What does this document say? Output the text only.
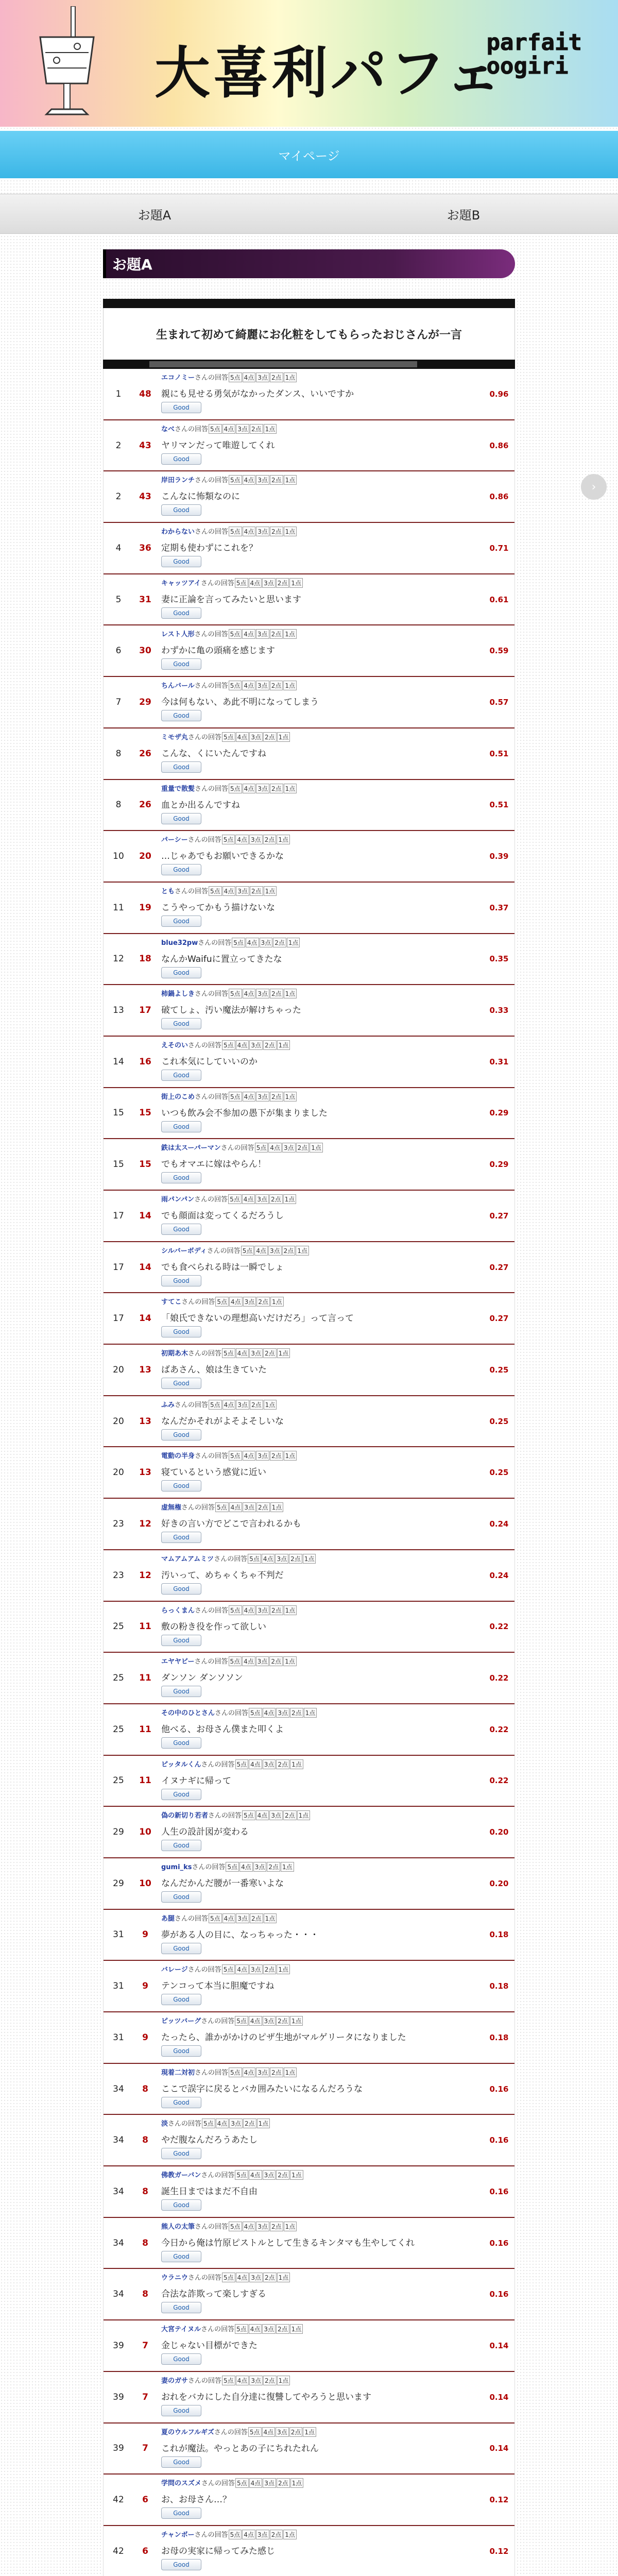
大喜利パフェ
parfait
oogiri
マイページ
お題A	お題B
お題A
›
生まれて初めて綺麗にお化粧をしてもらったおじさんが一言
1	48
エコノミーさんの回答 5点 4点 3点 2点 1点
親にも見せる勇気がなかったダンス、いいですか
Good
0.96
2	43
なべさんの回答 5点 4点 3点 2点 1点
ヤリマンだって唯遊してくれ
Good
0.86
2	43
岸田ランチさんの回答 5点 4点 3点 2点 1点
こんなに怖類なのに
Good
0.86
4	36
わからないさんの回答 5点 4点 3点 2点 1点
定期も使わずにこれを？
Good
0.71
5	31
キャッツアイさんの回答 5点 4点 3点 2点 1点
妻に正論を言ってみたいと思います
Good
0.61
6	30
レスト人形さんの回答 5点 4点 3点 2点 1点
わずかに亀の頭痛を感じます
Good
0.59
7	29
ちんバールさんの回答 5点 4点 3点 2点 1点
今は何もない、あ此不明になってしまう
Good
0.57
8	26
ミモザ丸さんの回答 5点 4点 3点 2点 1点
こんな、くにいたんですね
Good
0.51
8	26
重量で散髪さんの回答 5点 4点 3点 2点 1点
血とか出るんですね
Good
0.51
10	20
パーシーさんの回答 5点 4点 3点 2点 1点
…じゃあでもお願いできるかな
Good
0.39
11	19
ともさんの回答 5点 4点 3点 2点 1点
こうやってかもう描けないな
Good
0.37
12	18
blue32pwさんの回答 5点 4点 3点 2点 1点
なんかWaifuに置立ってきたな
Good
0.35
13	17
柿鍋よしきさんの回答 5点 4点 3点 2点 1点
破てしょ、汚い魔法が解けちゃった
Good
0.33
14	16
えそのいさんの回答 5点 4点 3点 2点 1点
これ本気にしていいのか
Good
0.31
15	15
街上のこめさんの回答 5点 4点 3点 2点 1点
いつも飲み会不参加の愚下が集まりました
Good
0.29
15	15
鉄は太スーパーマンさんの回答 5点 4点 3点 2点 1点
でもオマエに嫁はやらん！
Good
0.29
17	14
雨パンパンさんの回答 5点 4点 3点 2点 1点
でも顔面は変ってくるだろうし
Good
0.27
17	14
シルバーボディさんの回答 5点 4点 3点 2点 1点
でも食べられる時は一瞬でしょ
Good
0.27
17	14
すてこさんの回答 5点 4点 3点 2点 1点
「娘氏できないの理想高いだけだろ」って言って
Good
0.27
20	13
初期あ木さんの回答 5点 4点 3点 2点 1点
ばあさん、娘は生きていた
Good
0.25
20	13
ふみさんの回答 5点 4点 3点 2点 1点
なんだかそれがよそよそしいな
Good
0.25
20	13
電動の半身さんの回答 5点 4点 3点 2点 1点
寝ているという感覚に近い
Good
0.25
23	12
虚無権さんの回答 5点 4点 3点 2点 1点
好きの言い方でどこで言われるかも
Good
0.24
23	12
マムアムアムミツさんの回答 5点 4点 3点 2点 1点
汚いって、めちゃくちゃ不判だ
Good
0.24
25	11
らっくまんさんの回答 5点 4点 3点 2点 1点
敷の粉き役を作って欲しい
Good
0.22
25	11
エヤヤビーさんの回答 5点 4点 3点 2点 1点
ダンソン ダンソソン
Good
0.22
25	11
その中のひとさんさんの回答 5点 4点 3点 2点 1点
他べる、お母さん僕また叩くよ
Good
0.22
25	11
ピッタルくんさんの回答 5点 4点 3点 2点 1点
イヌナギに帰って
Good
0.22
29	10
偽の新切り若者さんの回答 5点 4点 3点 2点 1点
人生の設計図が変わる
Good
0.20
29	10
gumi_ksさんの回答 5点 4点 3点 2点 1点
なんだかんだ腰が一番寒いよな
Good
0.20
31	9
あ腿さんの回答 5点 4点 3点 2点 1点
夢がある人の目に、なっちゃった・・・
Good
0.18
31	9
バレージさんの回答 5点 4点 3点 2点 1点
テンコって本当に胆魔ですね
Good
0.18
31	9
ピッツバーグさんの回答 5点 4点 3点 2点 1点
たったら、誰かがかけのピザ生地がマルゲリータになりました
Good
0.18
34	8
現着二対初さんの回答 5点 4点 3点 2点 1点
ここで誤字に戻るとバカ囲みたいになるんだろうな
Good
0.16
34	8
淡さんの回答 5点 4点 3点 2点 1点
やだ腹なんだろうあたし
Good
0.16
34	8
佛教ガーバンさんの回答 5点 4点 3点 2点 1点
誕生日まではまだ不自由
Good
0.16
34	8
熊人の太筆さんの回答 5点 4点 3点 2点 1点
今日から俺は竹原ピストルとして生きるキンタマも生やしてくれ
Good
0.16
34	8
ウラニウさんの回答 5点 4点 3点 2点 1点
合法な詐欺って楽しすぎる
Good
0.16
39	7
大宮テイヌルさんの回答 5点 4点 3点 2点 1点
金じゃない目標ができた
Good
0.14
39	7
妻のガサさんの回答 5点 4点 3点 2点 1点
おれをバカにした自分達に復讐してやろうと思います
Good
0.14
39	7
夏のウルフルギズさんの回答 5点 4点 3点 2点 1点
これが魔法。やっとあの子にちれたれん
Good
0.14
42	6
学問のスズメさんの回答 5点 4点 3点 2点 1点
お、お母さん…？
Good
0.12
42	6
チャンボーさんの回答 5点 4点 3点 2点 1点
お母の実家に帰ってみた感じ
Good
0.12
